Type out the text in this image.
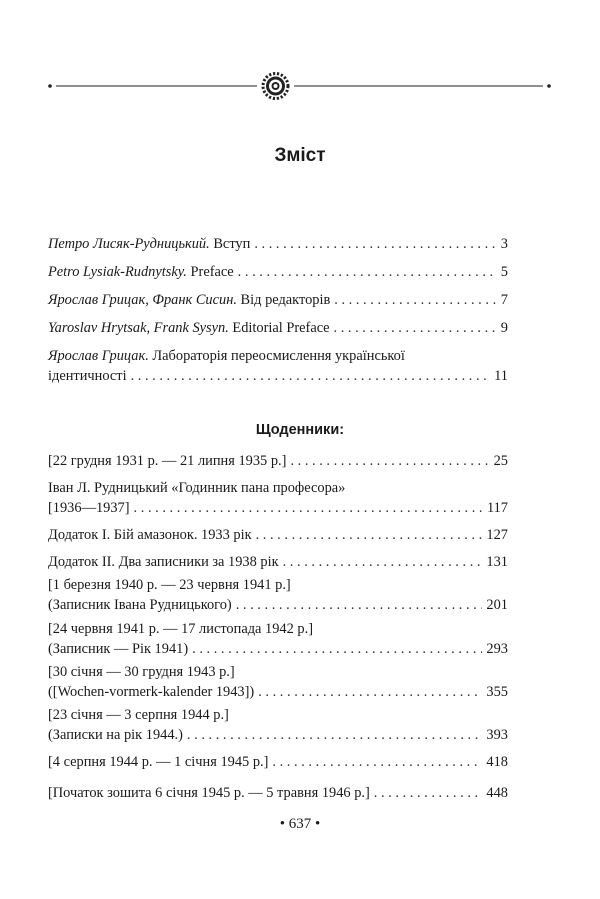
Зміст
Петро Лисяк-Рудницький. Вступ . . .	3
Petro Lysiak-Rudnytsky. Preface . . .	5
Ярослав Грицак, Франк Сисин. Від редакторів . . .	7
Yaroslav Hrytsak, Frank Sysyn. Editorial Preface . . .	9
Ярослав Грицак. Лабораторія переосмислення української
ідентичності . . .	11
Щоденники:
[22 грудня 1931 р. — 21 липня 1935 р.] . . .	25
Іван Л. Рудницький «Годинник пана професора»
[1936—1937] . . .	117
Додаток І. Бій амазонок. 1933 рік . . .	127
Додаток ІІ. Два записники за 1938 рік . . .	131
[1 березня 1940 р. — 23 червня 1941 р.]
(Записник Івана Рудницького) . . .	201
[24 червня 1941 р. — 17 листопада 1942 р.]
(Записник — Рік 1941) . . .	293
[30 січня — 30 грудня 1943 р.]
([Wochen-vormerk-kalender 1943]) . . .	355
[23 січня — 3 серпня 1944 р.]
(Записки на рік 1944.) . . .	393
[4 серпня 1944 р. — 1 січня 1945 р.] . . .	418
[Початок зошита 6 січня 1945 р. — 5 травня 1946 р.] . . .	448
• 637 •
